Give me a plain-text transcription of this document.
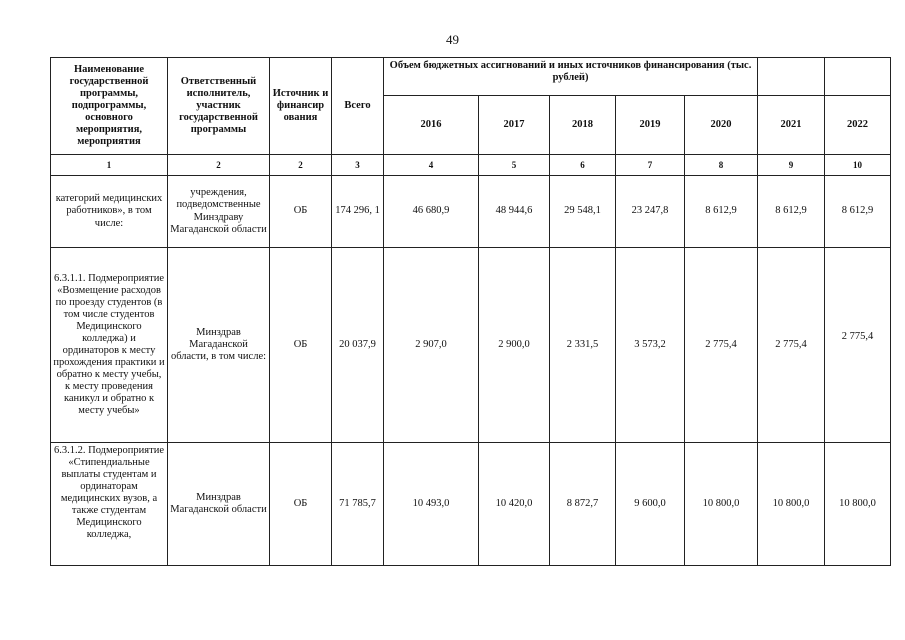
49
Наименование государственной программы, подпрограммы, основного мероприятия, мероприятия	Ответственный исполнитель, участник государственной программы	Источник и финансир ования	Всего	Объем бюджетных ассигнований и иных источников финансирования (тыс. рублей)						
				2016	2017	2018	2019	2020	2021	2022
1	2	2	3	4	5	6	7	8	9	10
категорий медицинских работников», в том числе:	учреждения, подведомственные Минздраву Магаданской области	ОБ	174 296, 1	46 680,9	48 944,6	29 548,1	23 247,8	8 612,9	8 612,9	8 612,9
6.3.1.1. Подмероприятие «Возмещение расходов по проезду студентов (в том числе студентов Медицинского колледжа) и ординаторов к месту прохождения практики и обратно к месту учебы, к месту проведения каникул и обратно к месту учебы»	Минздрав Магаданской области, в том числе:	ОБ	20 037,9	2 907,0	2 900,0	2 331,5	3 573,2	2 775,4	2 775,4	2 775,4
6.3.1.2. Подмероприятие «Стипендиальные выплаты студентам и ординаторам медицинских вузов, а также студентам Медицинского колледжа,	Минздрав Магаданской области	ОБ	71 785,7	10 493,0	10 420,0	8 872,7	9 600,0	10 800,0	10 800,0	10 800,0
